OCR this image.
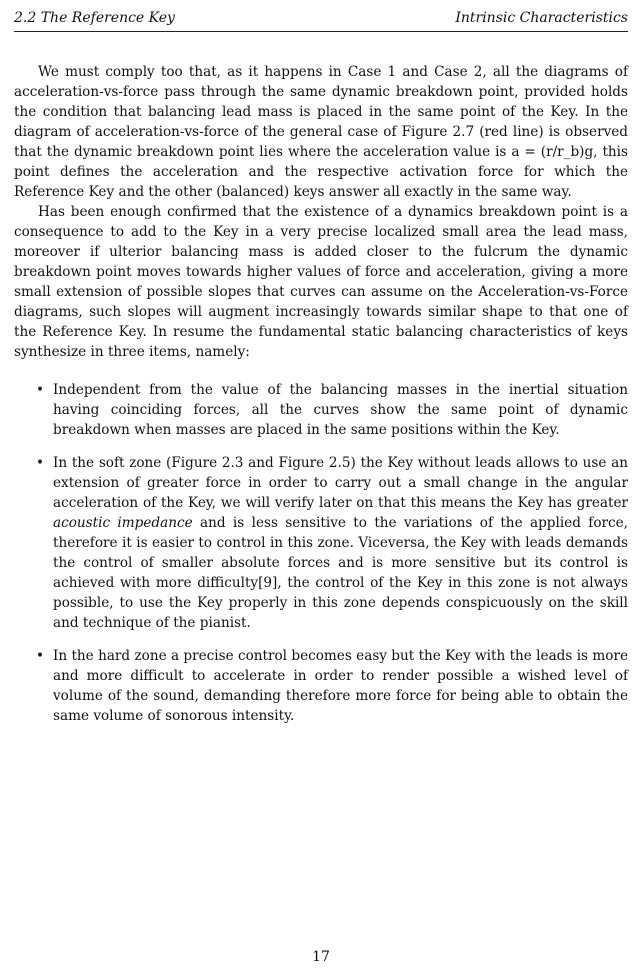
2.2 The Reference Key	Intrinsic Characteristics

We must comply too that, as it happens in Case 1 and Case 2, all the diagrams of acceleration-vs-force pass through the same dynamic breakdown point, provided holds the condition that balancing lead mass is placed in the same point of the Key. In the diagram of acceleration-vs-force of the general case of Figure 2.7 (red line) is observed that the dynamic breakdown point lies where the acceleration value is a = (r/r_b)g, this point defines the acceleration and the respective activation force for which the Reference Key and the other (balanced) keys answer all exactly in the same way.

Has been enough confirmed that the existence of a dynamics breakdown point is a consequence to add to the Key in a very precise localized small area the lead mass, moreover if ulterior balancing mass is added closer to the fulcrum the dynamic breakdown point moves towards higher values of force and acceleration, giving a more small extension of possible slopes that curves can assume on the Acceleration-vs-Force diagrams, such slopes will augment increasingly towards similar shape to that one of the Reference Key. In resume the fundamental static balancing characteristics of keys synthesize in three items, namely:

• Independent from the value of the balancing masses in the inertial situation having coinciding forces, all the curves show the same point of dynamic breakdown when masses are placed in the same positions within the Key.
• In the soft zone (Figure 2.3 and Figure 2.5) the Key without leads allows to use an extension of greater force in order to carry out a small change in the angular acceleration of the Key, we will verify later on that this means the Key has greater acoustic impedance and is less sensitive to the variations of the applied force, therefore it is easier to control in this zone. Viceversa, the Key with leads demands the control of smaller absolute forces and is more sensitive but its control is achieved with more difficulty[9], the control of the Key in this zone is not always possible, to use the Key properly in this zone depends conspicuously on the skill and technique of the pianist.
• In the hard zone a precise control becomes easy but the Key with the leads is more and more difficult to accelerate in order to render possible a wished level of volume of the sound, demanding therefore more force for being able to obtain the same volume of sonorous intensity.
17
